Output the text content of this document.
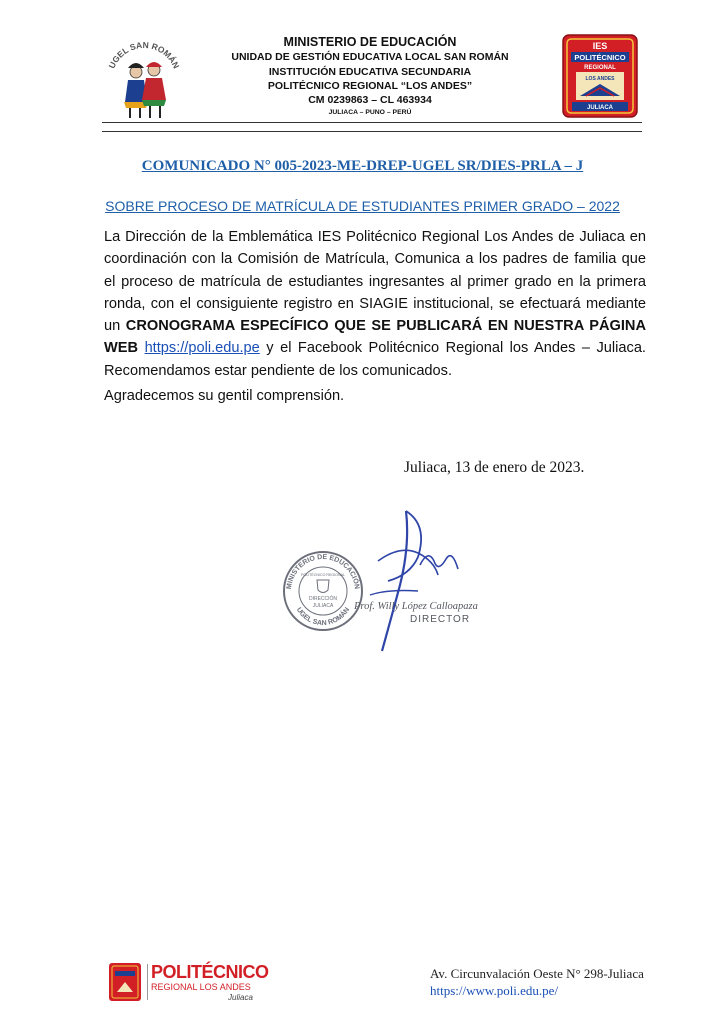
UGEL SAN ROMÁN
MINISTERIO DE EDUCACIÓN
UNIDAD DE GESTIÓN EDUCATIVA LOCAL SAN ROMÁN
INSTITUCIÓN EDUCATIVA SECUNDARIA
POLITÉCNICO REGIONAL “LOS ANDES”
CM 0239863 – CL 463934
JULIACA – PUNO – PERÚ
IES
POLITÉCNICO
REGIONAL
LOS ANDES
JULIACA
COMUNICADO N° 005-2023-ME-DREP-UGEL SR/DIES-PRLA – J
SOBRE PROCESO DE MATRÍCULA DE ESTUDIANTES PRIMER GRADO – 2022
La Dirección de la Emblemática IES Politécnico Regional Los Andes de Juliaca en coordinación con la Comisión de Matrícula, Comunica a los padres de familia que el proceso de matrícula de estudiantes ingresantes al primer grado en la primera ronda, con el consiguiente registro en SIAGIE institucional, se efectuará mediante un CRONOGRAMA ESPECÍFICO QUE SE PUBLICARÁ EN NUESTRA PÁGINA WEB https://poli.edu.pe y el Facebook Politécnico Regional los Andes – Juliaca. Recomendamos estar pendiente de los comunicados.
Agradecemos su gentil comprensión.
Juliaca, 13 de enero de 2023.
MINISTERIO DE EDUCACIÓN
UGEL SAN ROMÁN
POLITÉCNICO REGIONAL
DIRECCIÓN
JULIACA Prof. Willy López Calloapaza
DIRECTOR
POLITÉCNICO
REGIONAL LOS ANDES
Juliaca
Av. Circunvalación Oeste N° 298-Juliaca
https://www.poli.edu.pe/
